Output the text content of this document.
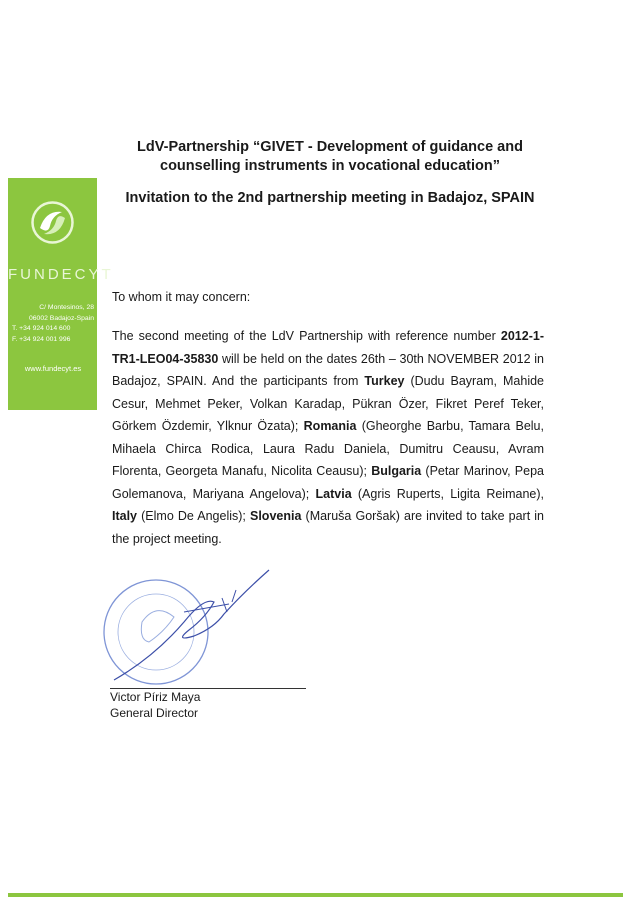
LdV-Partnership “GIVET - Development of guidance and counselling instruments in vocational education”
Invitation to the 2nd partnership meeting in Badajoz, SPAIN
FUNDECYT
C/ Montesinos, 28
06002 Badajoz-Spain
T. +34 924 014 600
F. +34 924 001 996
www.fundecyt.es
To whom it may concern:
The second meeting of the LdV Partnership with reference number 2012-1-TR1-LEO04-35830 will be held on the dates 26th – 30th NOVEMBER 2012 in Badajoz, SPAIN. And the participants from Turkey (Dudu Bayram, Mahide Cesur, Mehmet Peker, Volkan Karadap, Pükran Özer, Fikret Peref Teker, Görkem Özdemir, Ylknur Özata); Romania (Gheorghe Barbu, Tamara Belu, Mihaela Chirca Rodica, Laura Radu Daniela, Dumitru Ceausu, Avram Florenta, Georgeta Manafu, Nicolita Ceausu); Bulgaria (Petar Marinov, Pepa Golemanova, Mariyana Angelova); Latvia (Agris Ruperts, Ligita Reimane), Italy (Elmo De Angelis); Slovenia (Maruša Goršak) are invited to take part in the project meeting.
Victor Píriz Maya
General Director
